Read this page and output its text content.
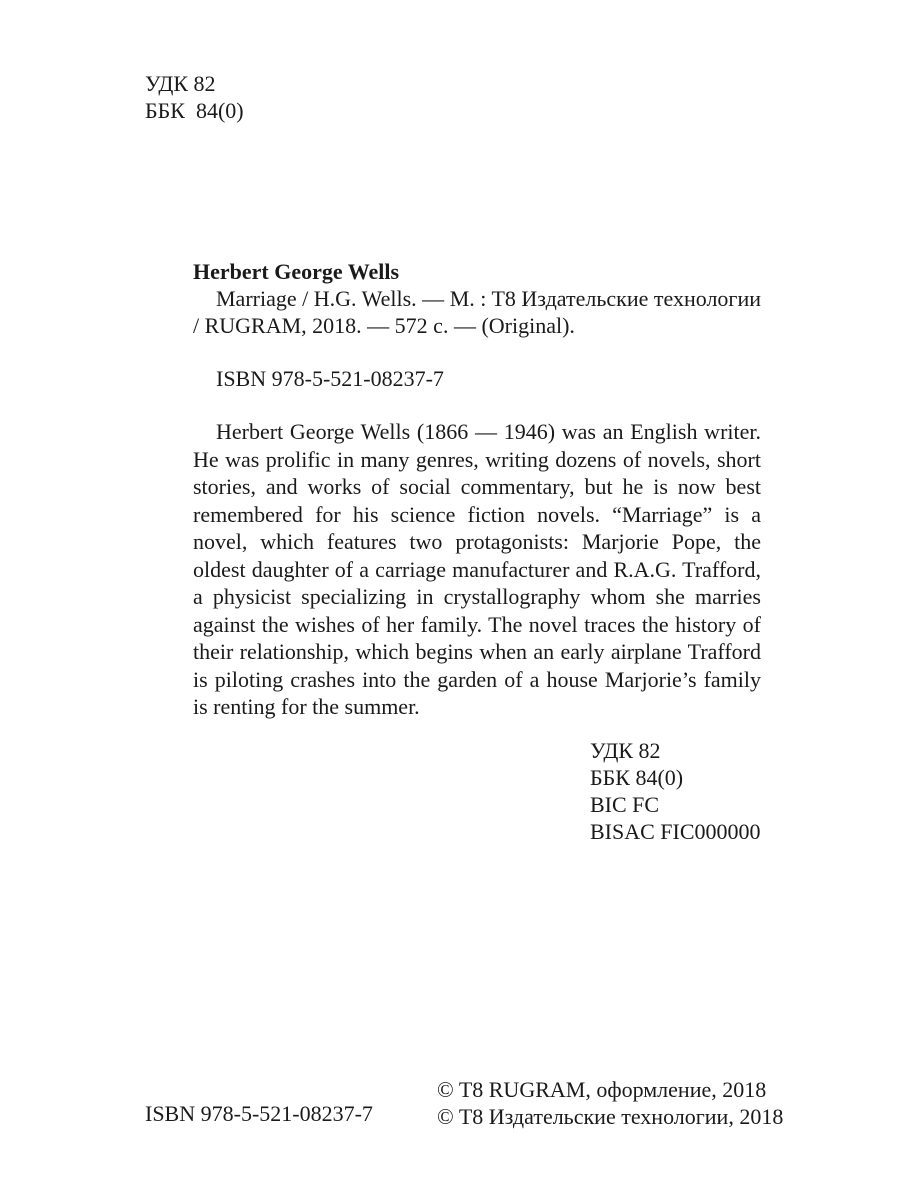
УДК 82
ББК  84(0)
Herbert George Wells
Marriage / H.G. Wells. — M. : T8 Издательские технологии / RUGRAM, 2018. — 572 с. — (Original).
ISBN 978-5-521-08237-7
Herbert George Wells (1866 — 1946) was an English writer. He was prolific in many genres, writing dozens of novels, short stories, and works of social commentary, but he is now best remembered for his science fiction novels. “Marriage” is a novel, which features two protagonists: Marjorie Pope, the oldest daughter of a carriage manufacturer and R.A.G. Trafford, a physicist specializing in crystallography whom she marries against the wishes of her family. The novel traces the history of their relationship, which begins when an early airplane Trafford is piloting crashes into the garden of a house Marjorie’s family is renting for the summer.
УДК 82
ББК 84(0)
BIC FC
BISAC FIC000000
ISBN 978-5-521-08237-7
© T8 RUGRAM, оформление, 2018
© T8 Издательские технологии, 2018
